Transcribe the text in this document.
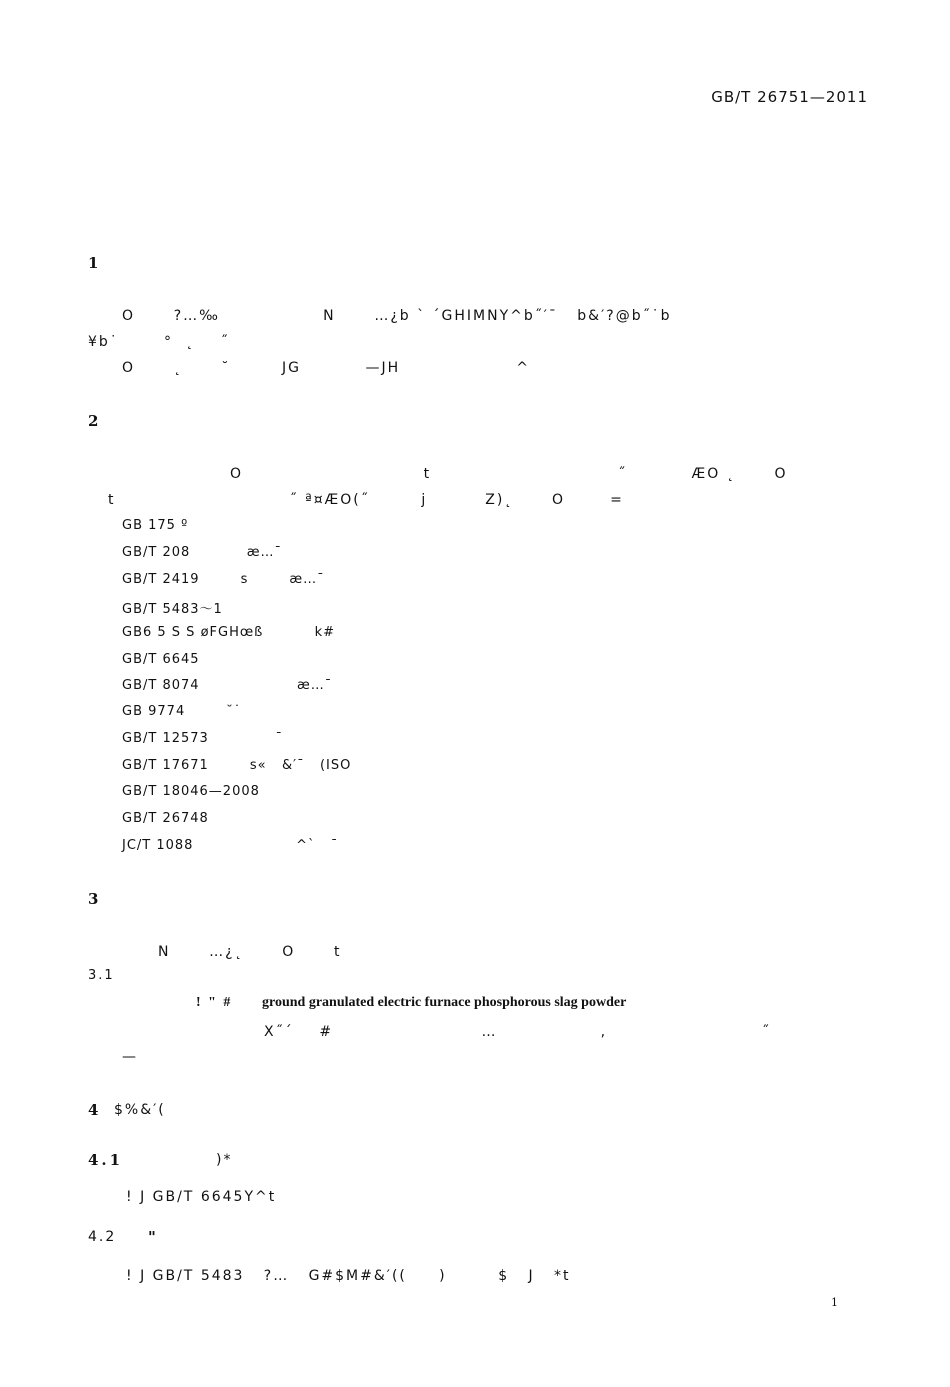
GB/T 26751—2011
1
O      ?…‰                N      …¿b ` ´GHⅠMNY^b˝′¯   b&′?@b˝˙b
¥b˙       °  ˛    ˝
O      ˛      ˘        JG          —JH                  ^
2
O                            t                             ˝          ÆO ˛      O
t                           ˝ ª¤ÆO(˝        j         Z)˛      O       =
GB 175 º
GB/T 208           æ…¯
GB/T 2419        s        æ…¯
GB/T 5483～1
GB6 5 S S øFGHœß          k#
GB/T 6645
GB/T 8074                   æ…¯
GB 9774        ˘˙
GB/T 12573             ¯
GB/T 17671        s«   &′¯   (ISO
GB/T 18046—2008
GB/T 26748
JC/T 1088                    ^`   ¯
3
N      …¿˛      O      t
3.1
! " # ground granulated electric furnace phosphorous slag powder
X˝´    #                       …                ,                        ˝
—
4 $%&′(
4.1	)*
! J GB/T 6645Y^t
4.2 "
! J GB/T 5483   ?…   G#$M#&′((     )        $   J   *t
1
